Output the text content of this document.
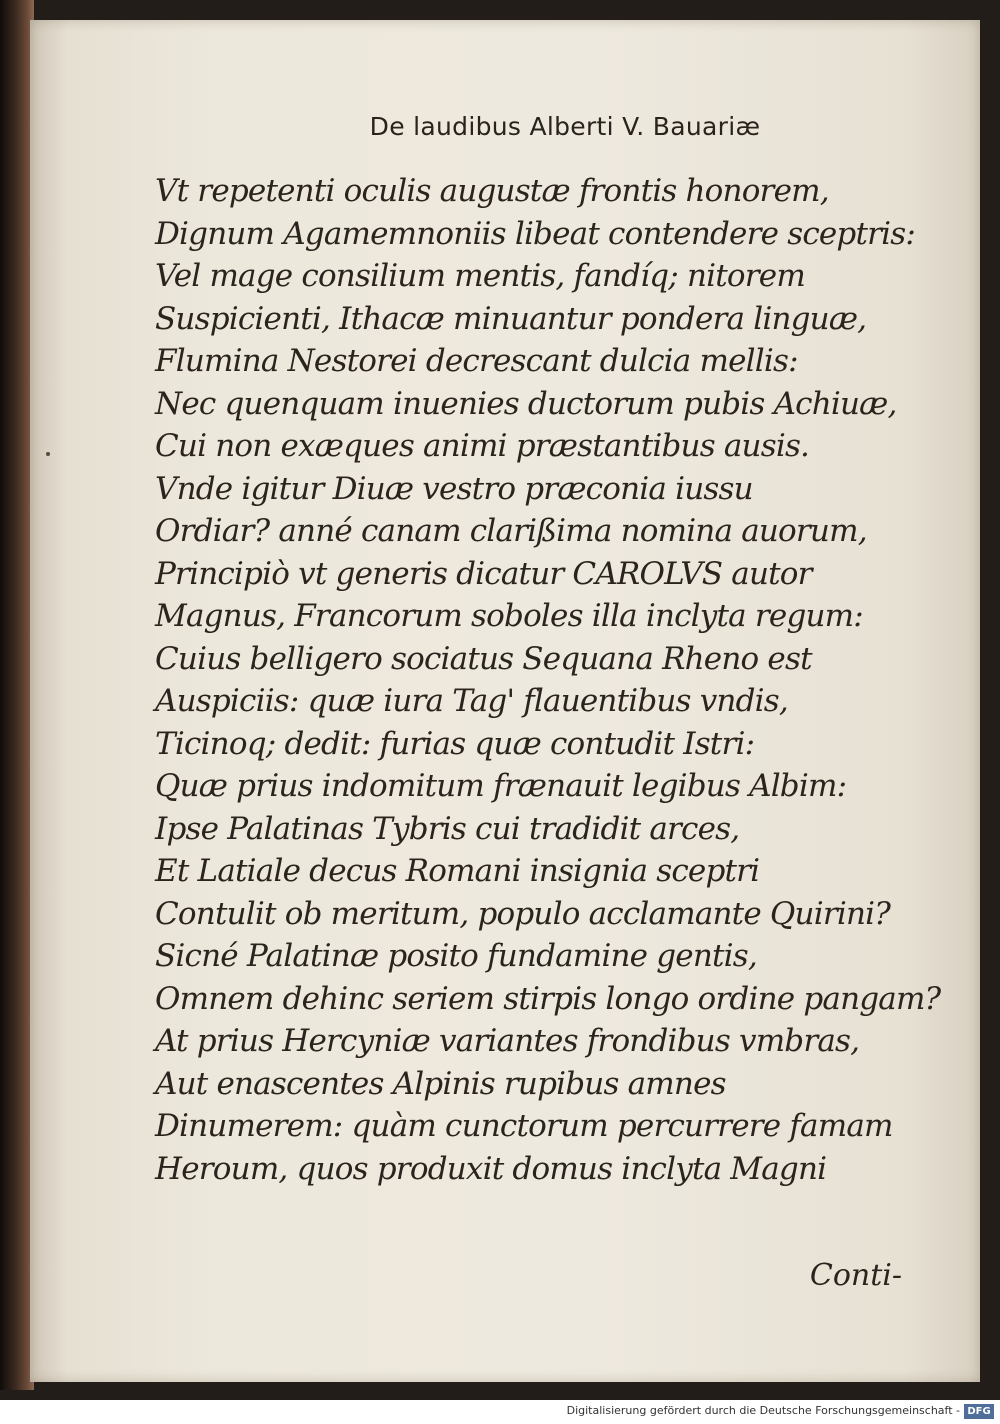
De laudibus Alberti V. Bauariæ
Vt repetenti oculis augustæ frontis honorem,
Dignum Agamemnoniis libeat contendere sceptris:
Vel mage consilium mentis, fandíq; nitorem
Suspicienti, Ithacæ minuantur pondera linguæ,
Flumina Nestorei decrescant dulcia mellis:
Nec quenquam inuenies ductorum pubis Achiuæ,
Cui non exæques animi præstantibus ausis.
Vnde igitur Diuæ vestro præconia iussu
Ordiar? anné canam clarißima nomina auorum,
Principiò vt generis dicatur CAROLVS autor
Magnus, Francorum soboles illa inclyta regum:
Cuius belligero sociatus Sequana Rheno est
Auspiciis: quæ iura Tag' flauentibus vndis,
Ticinoq; dedit: furias quæ contudit Istri:
Quæ prius indomitum frænauit legibus Albim:
Ipse Palatinas Tybris cui tradidit arces,
Et Latiale decus Romani insignia sceptri
Contulit ob meritum, populo acclamante Quirini?
Sicné Palatinæ posito fundamine gentis,
Omnem dehinc seriem stirpis longo ordine pangam?
At prius Hercyniæ variantes frondibus vmbras,
Aut enascentes Alpinis rupibus amnes
Dinumerem: quàm cunctorum percurrere famam
Heroum, quos produxit domus inclyta Magni
Conti-
Digitalisierung gefördert durch die Deutsche Forschungsgemeinschaft - DFG
